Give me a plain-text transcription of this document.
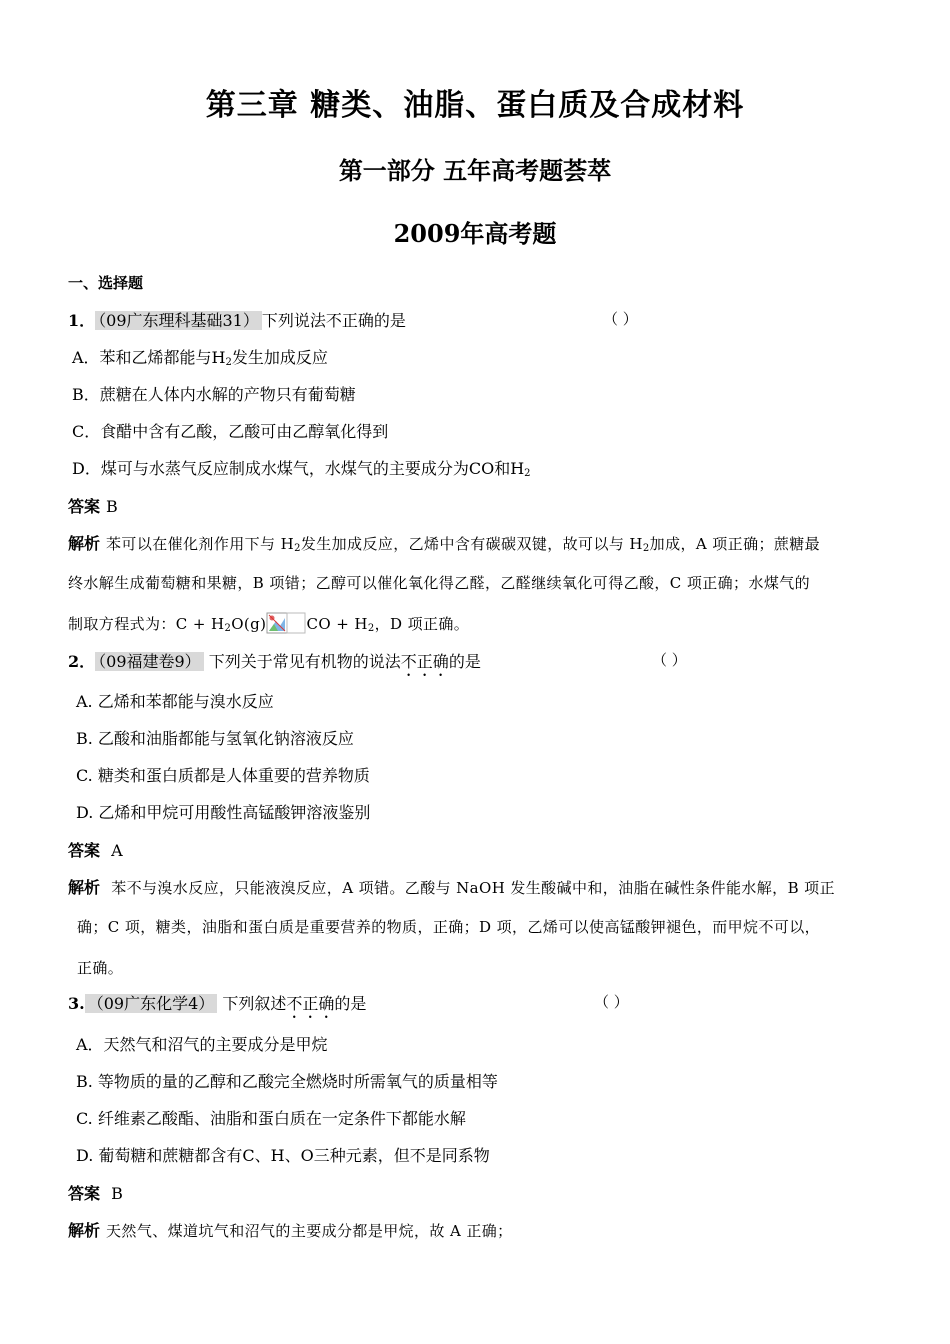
第三章 糖类、油脂、蛋白质及合成材料
第一部分 五年高考题荟萃
2009年高考题
一、选择题
1． （09广东理科基础31） 下列说法不正确的是	（ ）
A．苯和乙烯都能与$H_2$发生加成反应
B．蔗糖在人体内水解的产物只有葡萄糖
C．食醋中含有乙酸，乙酸可由乙醇氧化得到
D．煤可与水蒸气反应制成水煤气，水煤气的主要成分为CO和$H_2$
答案 B
解析 苯可以在催化剂作用下与 $H_2$发生加成反应，乙烯中含有碳碳双键，故可以与 $H_2$加成，A 项正确；蔗糖最
终水解生成葡萄糖和果糖，B 项错；乙醇可以催化氧化得乙醛，乙醛继续氧化可得乙酸，C 项正确；水煤气的
制取方程式为：$C + H_2O(g)$	CO + $H_2$，D 项正确。
2． （09福建卷9） 下列关于常见有机物的说法不正确的是	（ ）
A. 乙烯和苯都能与溴水反应
B. 乙酸和油脂都能与氢氧化钠溶液反应
C. 糖类和蛋白质都是人体重要的营养物质
D. 乙烯和甲烷可用酸性高锰酸钾溶液鉴别
答案 A
解析 苯不与溴水反应，只能液溴反应，A 项错。乙酸与 NaOH 发生酸碱中和，油脂在碱性条件能水解，B 项正
确；C 项，糖类，油脂和蛋白质是重要营养的物质，正确；D 项，乙烯可以使高锰酸钾褪色，而甲烷不可以，
正确。
3. （09广东化学4） 下列叙述不正确的是	（ ）
A．天然气和沼气的主要成分是甲烷
B. 等物质的量的乙醇和乙酸完全燃烧时所需氧气的质量相等
C. 纤维素乙酸酯、油脂和蛋白质在一定条件下都能水解
D. 葡萄糖和蔗糖都含有C、H、O三种元素，但不是同系物
答案 B
解析 天然气、煤道坑气和沼气的主要成分都是甲烷，故 A 正确；
